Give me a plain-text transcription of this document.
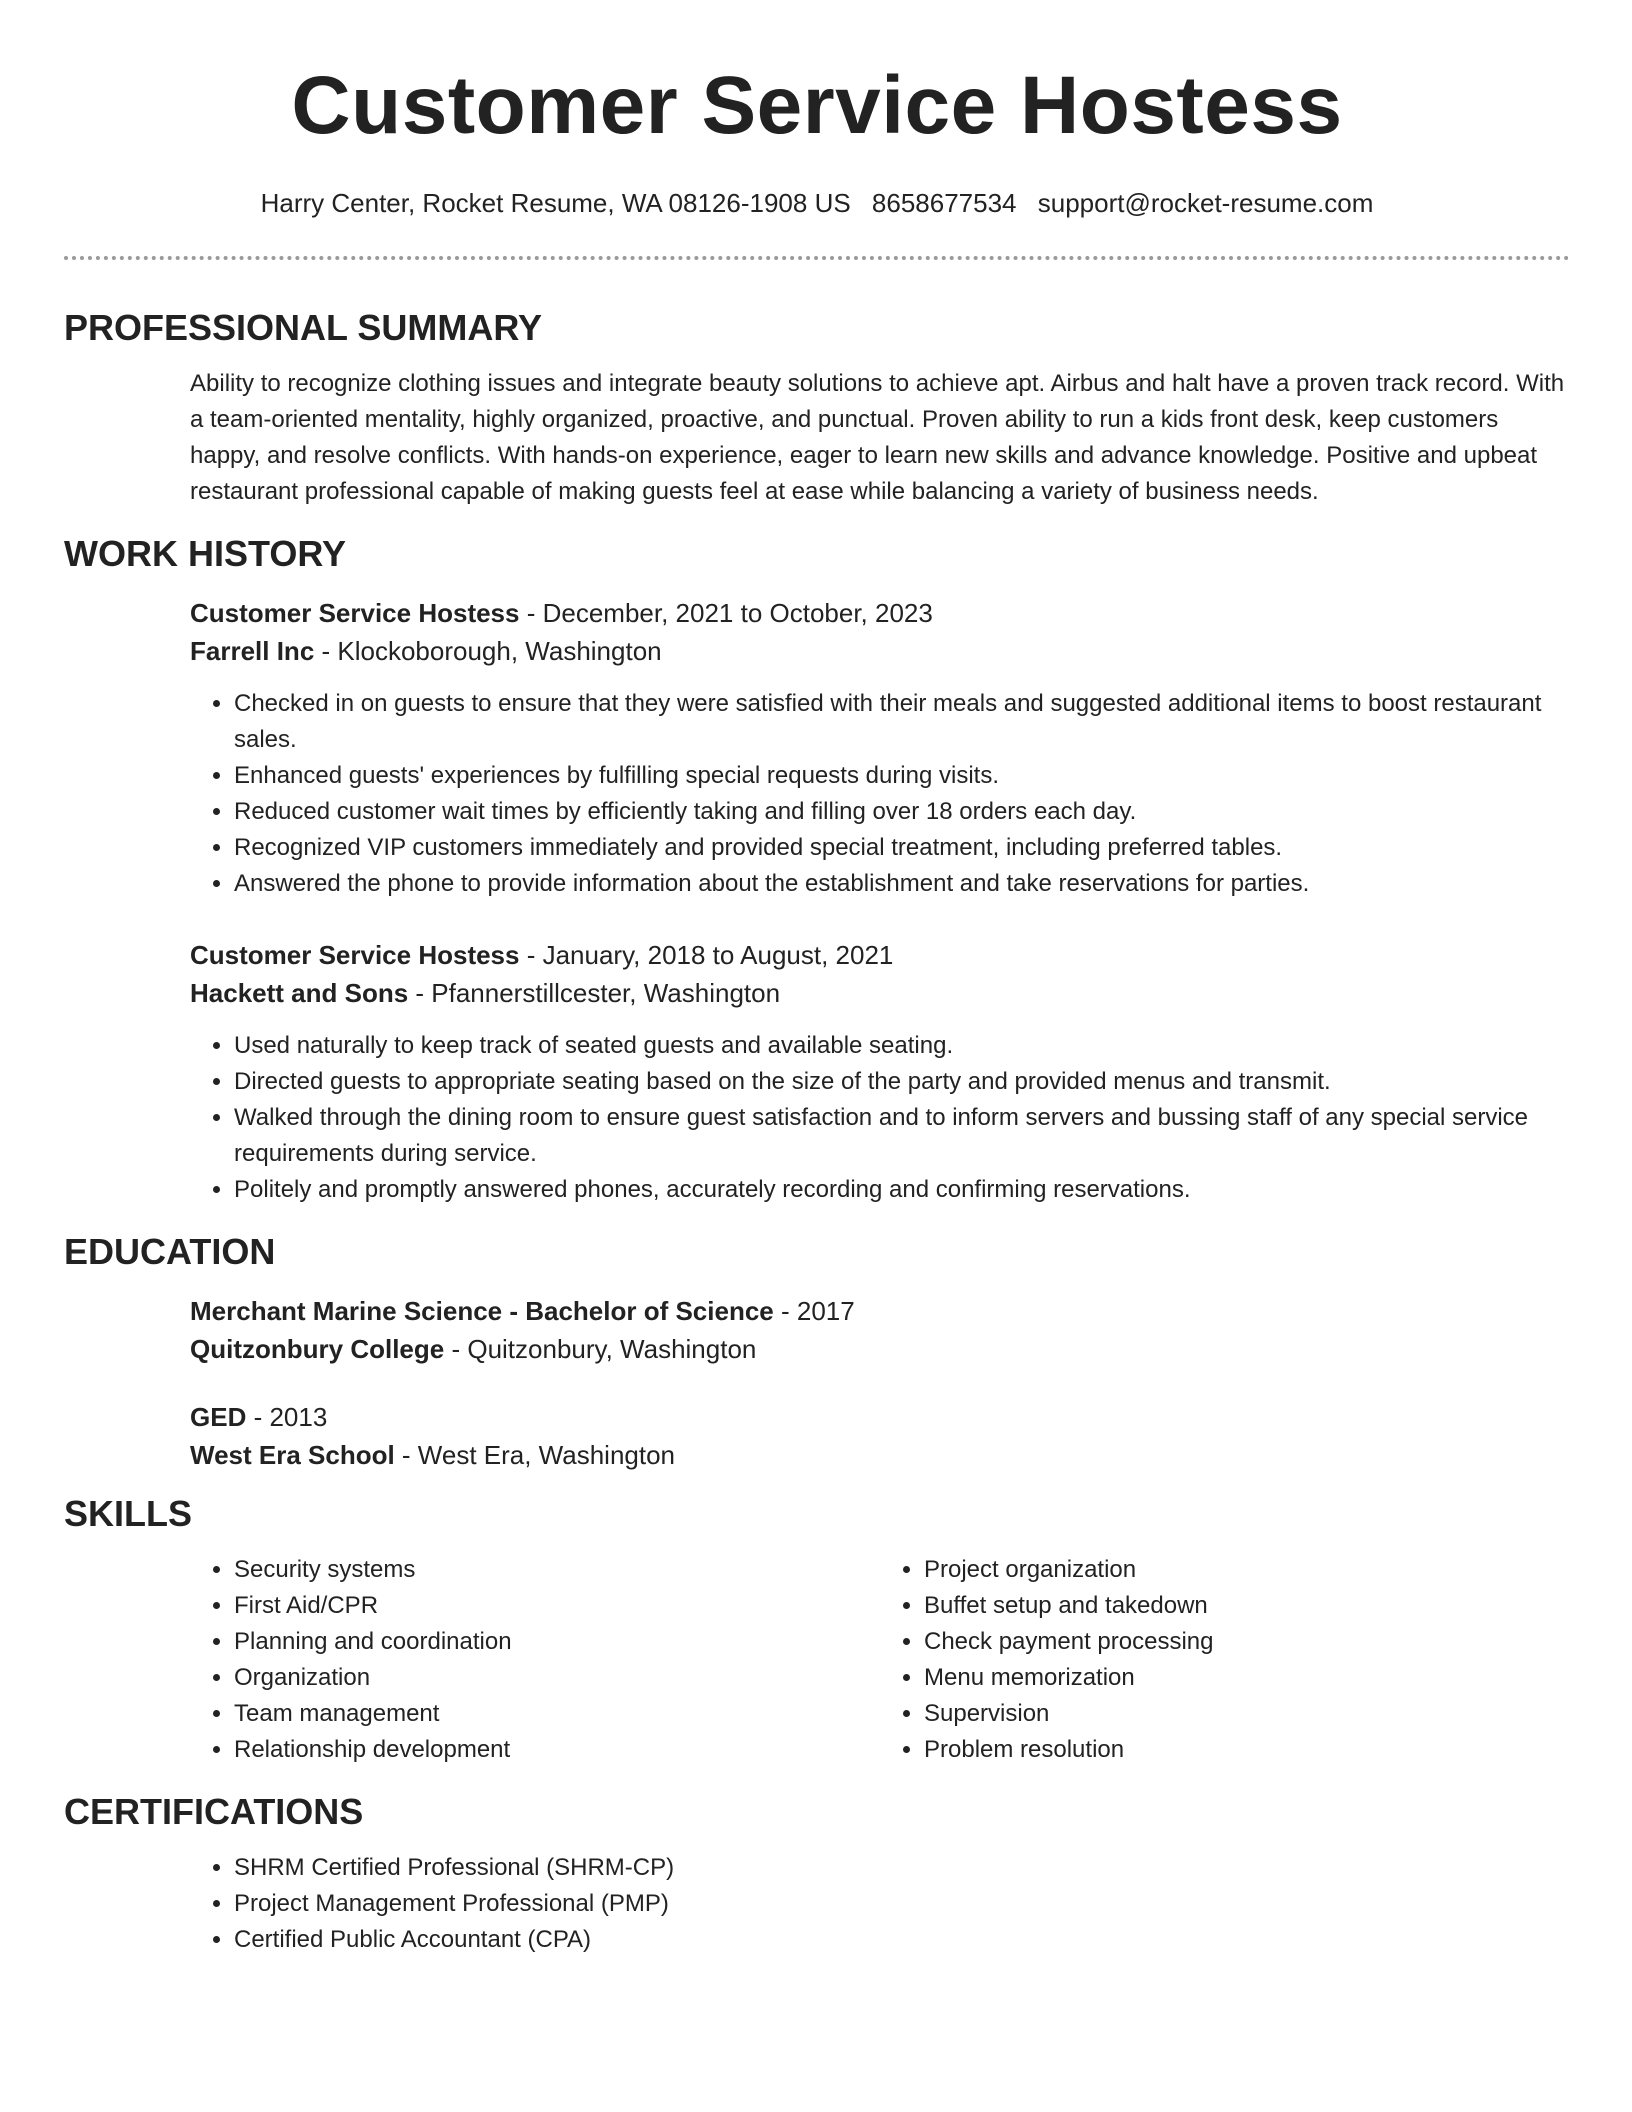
Customer Service Hostess
Harry Center, Rocket Resume, WA 08126-1908 US 8658677534 support@rocket-resume.com
PROFESSIONAL SUMMARY
Ability to recognize clothing issues and integrate beauty solutions to achieve apt. Airbus and halt have a proven track record. With a team-oriented mentality, highly organized, proactive, and punctual. Proven ability to run a kids front desk, keep customers happy, and resolve conflicts. With hands-on experience, eager to learn new skills and advance knowledge. Positive and upbeat restaurant professional capable of making guests feel at ease while balancing a variety of business needs.
WORK HISTORY
Customer Service Hostess - December, 2021 to October, 2023
Farrell Inc - Klockoborough, Washington
• Checked in on guests to ensure that they were satisfied with their meals and suggested additional items to boost restaurant sales.
• Enhanced guests' experiences by fulfilling special requests during visits.
• Reduced customer wait times by efficiently taking and filling over 18 orders each day.
• Recognized VIP customers immediately and provided special treatment, including preferred tables.
• Answered the phone to provide information about the establishment and take reservations for parties.
Customer Service Hostess - January, 2018 to August, 2021
Hackett and Sons - Pfannerstillcester, Washington
• Used naturally to keep track of seated guests and available seating.
• Directed guests to appropriate seating based on the size of the party and provided menus and transmit.
• Walked through the dining room to ensure guest satisfaction and to inform servers and bussing staff of any special service requirements during service.
• Politely and promptly answered phones, accurately recording and confirming reservations.
EDUCATION
Merchant Marine Science - Bachelor of Science - 2017
Quitzonbury College - Quitzonbury, Washington
GED - 2013
West Era School - West Era, Washington
SKILLS
• Security systems
• First Aid/CPR
• Planning and coordination
• Organization
• Team management
• Relationship development
• Project organization
• Buffet setup and takedown
• Check payment processing
• Menu memorization
• Supervision
• Problem resolution
CERTIFICATIONS
• SHRM Certified Professional (SHRM-CP)
• Project Management Professional (PMP)
• Certified Public Accountant (CPA)
